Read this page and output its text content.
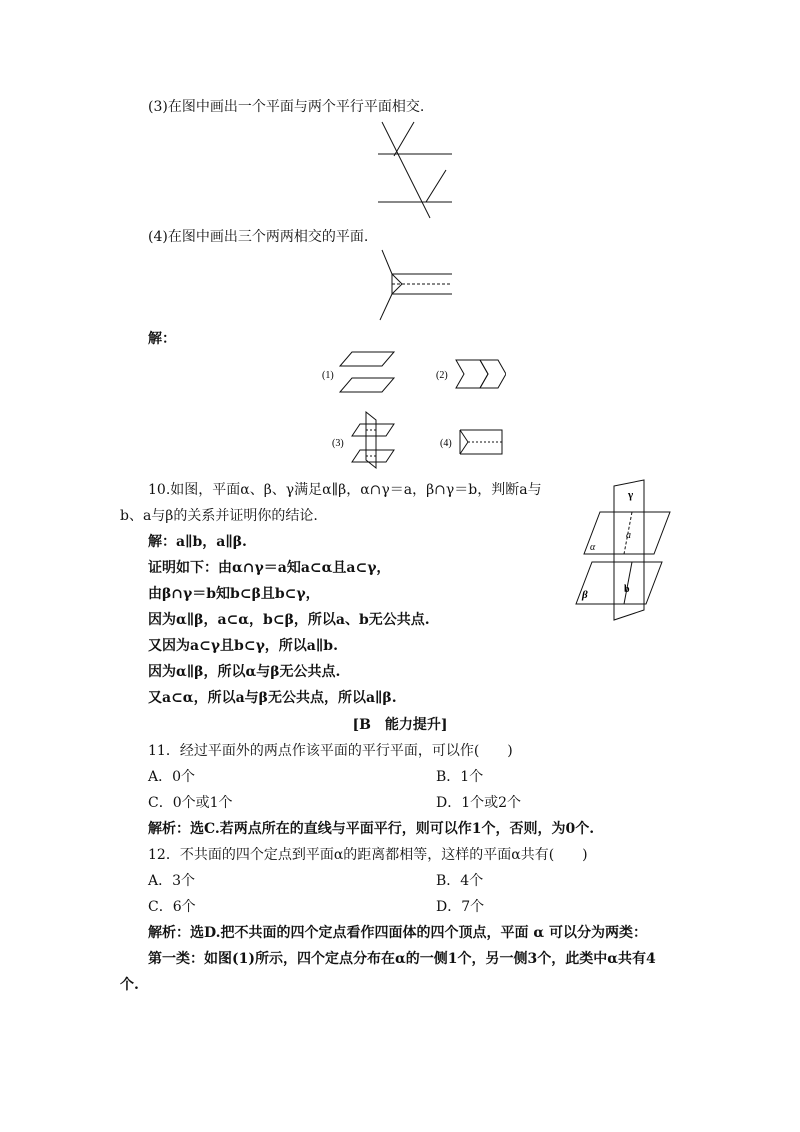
(3)在图中画出一个平面与两个平行平面相交.
(4)在图中画出三个两两相交的平面.
解：
(1)	(2)
(3)	(4)
10.如图，平面α、β、γ满足α∥β，α∩γ＝a，β∩γ＝b，判断a与
b、a与β的关系并证明你的结论.
解：a∥b，a∥β.
证明如下：由α∩γ＝a知a⊂α且a⊂γ，
由β∩γ＝b知b⊂β且b⊂γ，
因为α∥β，a⊂α，b⊂β，所以a、b无公共点.
又因为a⊂γ且b⊂γ，所以a∥b.
因为α∥β，所以α与β无公共点.
又a⊂α，所以a与β无公共点，所以a∥β.
γ
α
a
β	b
[B　能力提升]
11．经过平面外的两点作该平面的平行平面，可以作(　　)
A．0个	B．1个
C．0个或1个	D．1个或2个
解析：选C.若两点所在的直线与平面平行，则可以作1个，否则，为0个.
12．不共面的四个定点到平面α的距离都相等，这样的平面α共有(　　)
A．3个	B．4个
C．6个	D．7个
解析：选D.把不共面的四个定点看作四面体的四个顶点，平面 α 可以分为两类：
第一类：如图(1)所示，四个定点分布在α的一侧1个，另一侧3个，此类中α共有4
个.
